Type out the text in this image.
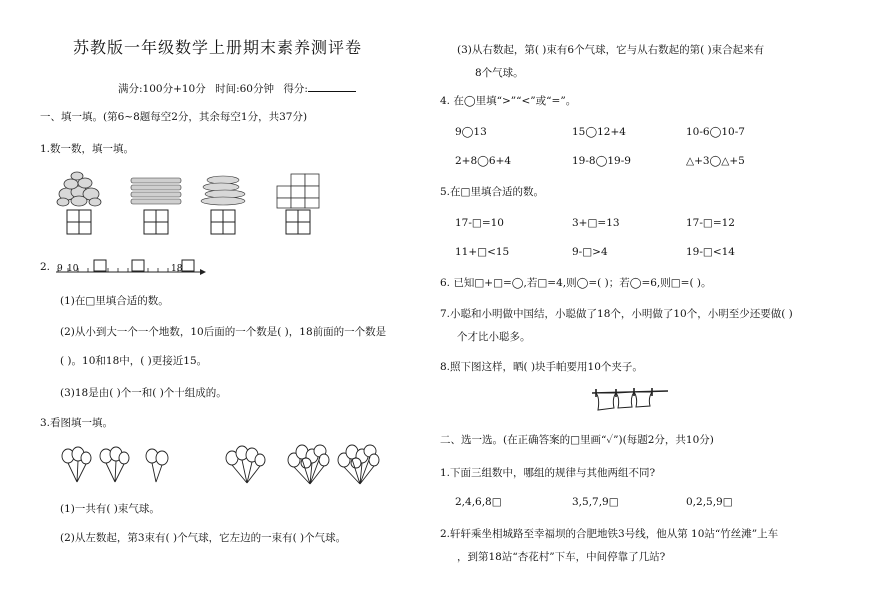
苏教版一年级数学上册期末素养测评卷
满分:100分+10分 时间:60分钟 得分:
一、填一填。(第6~8题每空2分，其余每空1分，共37分)
1.数一数，填一填。
2. 9 10	18
(1)在□里填合适的数。
(2)从小到大一个一个地数，10后面的一个数是( )，18前面的一个数是
( )。10和18中，( )更接近15。
(3)18是由( )个一和( )个十组成的。
3.看图填一填。
(1)一共有( )束气球。
(2)从左数起，第3束有( )个气球，它左边的一束有( )个气球。
(3)从右数起，第( )束有6个气球，它与从右数起的第( )束合起来有
8个气球。
4. 在◯里填“>”“<”或“=”。
9◯13	15◯12+4	10-6◯10-7
2+8◯6+4	19-8◯19-9	△+3◯△+5
5.在□里填合适的数。
17-□=10	3+□=13	17-□=12
11+□<15	9-□>4	19-□<14
6. 已知□+□=◯,若□=4,则◯=( )；若◯=6,则□=( )。
7.小聪和小明做中国结，小聪做了18个，小明做了10个，小明至少还要做( )
个才比小聪多。
8.照下图这样，晒( )块手帕要用10个夹子。
二、选一选。(在正确答案的□里画“✓”)(每题2分，共10分)
1.下面三组数中，哪组的规律与其他两组不同?
2,4,6,8□	3,5,7,9□	0,2,5,9□
2.轩轩乘坐相城路至幸福坝的合肥地铁3号线，他从第 10站“竹丝滩”上车
，到第18站“杏花村”下车，中间停靠了几站?
